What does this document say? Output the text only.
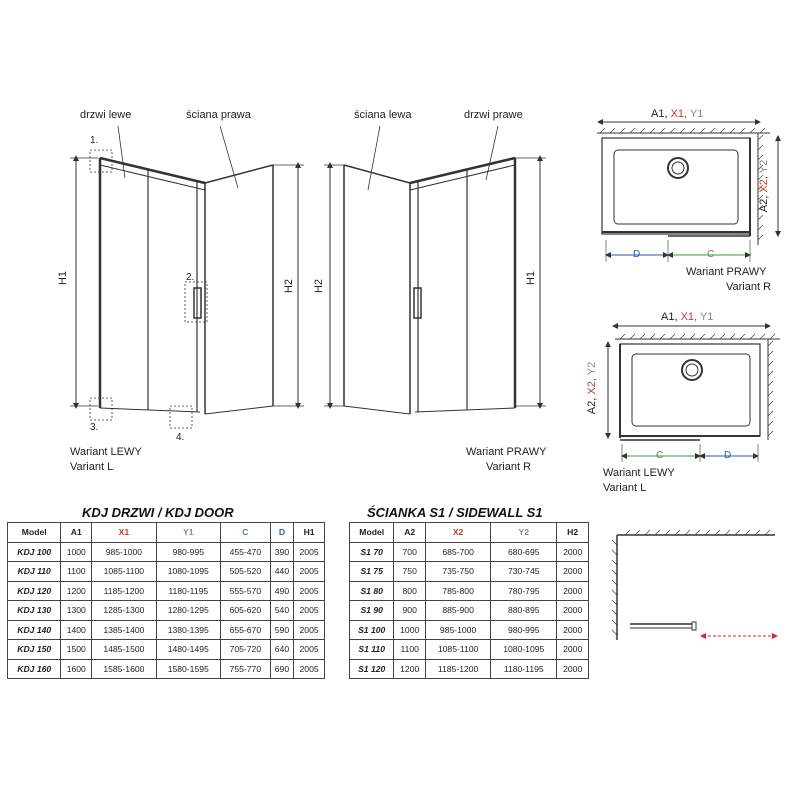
drzwi lewe	ściana prawa
1.
2.
3.
4.
H1
H2
Wariant LEWY
Variant L
ściana lewa	drzwi prawe
H2
H1
Wariant PRAWY
Variant R
A1, X1, Y1
A2, X2, Y2
D	C
Wariant PRAWY
Variant R
A1, X1, Y1
A2, X2, Y2
C	D
Wariant LEWY
Variant L
KDJ DRZWI / KDJ DOOR
Model	A1	X1	Y1	C	D	H1
KDJ 100	1000	985-1000	980-995	455-470	390	2005
KDJ 110	1100	1085-1100	1080-1095	505-520	440	2005
KDJ 120	1200	1185-1200	1180-1195	555-570	490	2005
KDJ 130	1300	1285-1300	1280-1295	605-620	540	2005
KDJ 140	1400	1385-1400	1380-1395	655-670	590	2005
KDJ 150	1500	1485-1500	1480-1495	705-720	640	2005
KDJ 160	1600	1585-1600	1580-1595	755-770	690	2005
ŚCIANKA S1 / SIDEWALL S1
Model	A2	X2	Y2	H2
S1 70	700	685-700	680-695	2000
S1 75	750	735-750	730-745	2000
S1 80	800	785-800	780-795	2000
S1 90	900	885-900	880-895	2000
S1 100	1000	985-1000	980-995	2000
S1 110	1100	1085-1100	1080-1095	2000
S1 120	1200	1185-1200	1180-1195	2000
